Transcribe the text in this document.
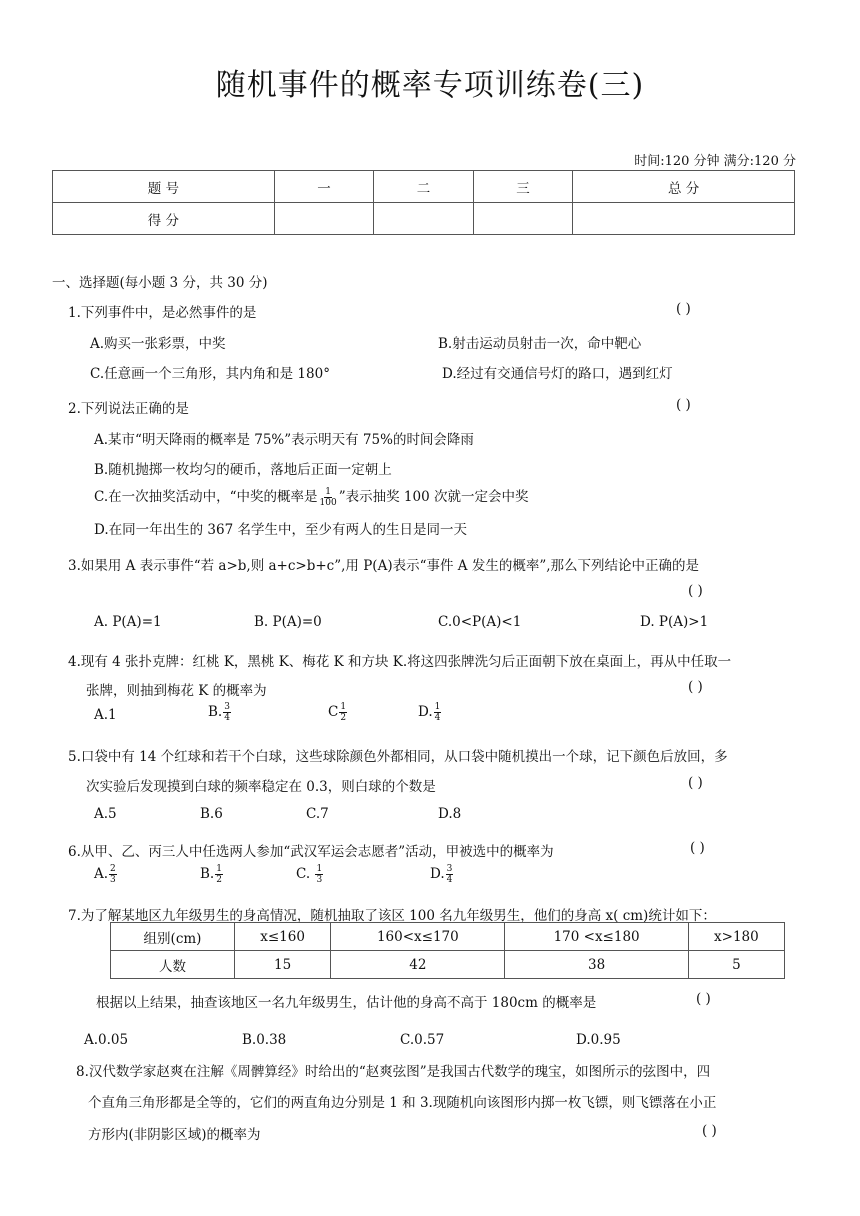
随机事件的概率专项训练卷(三)
时间:120 分钟 满分:120 分
题 号	一	二	三	总 分
得 分				
一、选择题(每小题 3 分，共 30 分)
1.下列事件中，是必然事件的是	( )
A.购买一张彩票，中奖	B.射击运动员射击一次，命中靶心
C.任意画一个三角形，其内角和是 180°	D.经过有交通信号灯的路口，遇到红灯
2.下列说法正确的是	( )
A.某市“明天降雨的概率是 75%”表示明天有 75%的时间会降雨
B.随机抛掷一枚均匀的硬币，落地后正面一定朝上
C.在一次抽奖活动中，“中奖的概率是 $\frac{1}{100}$ ”表示抽奖 100 次就一定会中奖
D.在同一年出生的 367 名学生中，至少有两人的生日是同一天
3.如果用 A 表示事件“若 a>b,则 a+c>b+c”,用 P(A)表示“事件 A 发生的概率”,那么下列结论中正确的是
( )
A. P(A)=1	B. P(A)=0	C.0<P(A)<1	D. P(A)>1
4.现有 4 张扑克牌：红桃 K，黑桃 K、梅花 K 和方块 K.将这四张牌洗匀后正面朝下放在桌面上，再从中任取一
张牌，则抽到梅花 K 的概率为	( )
A.1	B. $\frac{3}{4}$	C $\frac{1}{2}$	D. $\frac{1}{4}$
5.口袋中有 14 个红球和若干个白球，这些球除颜色外都相同，从口袋中随机摸出一个球，记下颜色后放回，多
次实验后发现摸到白球的频率稳定在 0.3，则白球的个数是	( )
A.5	B.6	C.7	D.8
6.从甲、乙、丙三人中任选两人参加“武汉军运会志愿者”活动，甲被选中的概率为	( )
A. $\frac{2}{3}$	B. $\frac{1}{2}$	C. $\frac{1}{3}$	D. $\frac{3}{4}$
7.为了解某地区九年级男生的身高情况，随机抽取了该区 100 名九年级男生，他们的身高 x( cm)统计如下：
组别(cm)	x≤160	160<x≤170	170 <x≤180	x>180
人数	15	42	38	5
根据以上结果，抽查该地区一名九年级男生，估计他的身高不高于 180cm 的概率是	( )
A.0.05	B.0.38	C.0.57	D.0.95
8.汉代数学家赵爽在注解《周髀算经》时给出的“赵爽弦图”是我国古代数学的瑰宝，如图所示的弦图中，四
个直角三角形都是全等的，它们的两直角边分别是 1 和 3.现随机向该图形内掷一枚飞镖，则飞镖落在小正
方形内(非阴影区域)的概率为	( )
